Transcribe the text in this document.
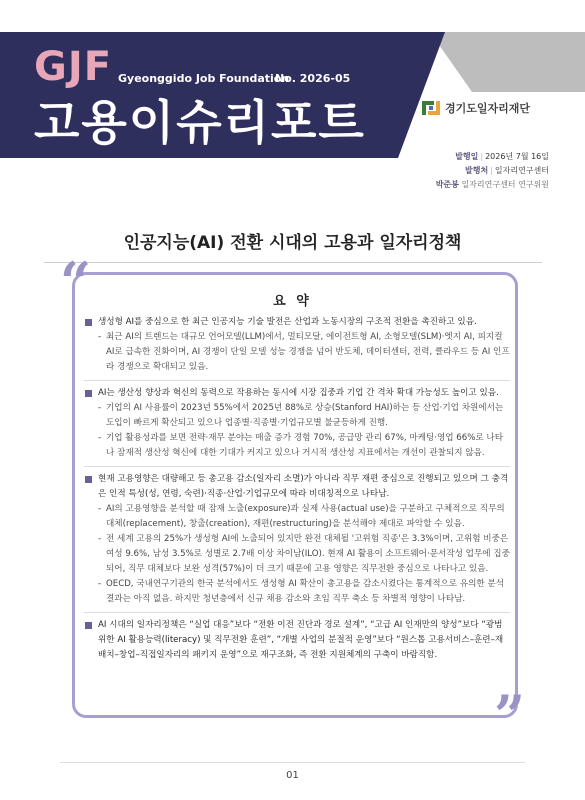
GJF Gyeonggido Job Foundation
No. 2026-05
고용이슈리포트	경기도일자리재단
발행일 | 2026년 7월 16일
발행처 | 일자리연구센터
박준봉 일자리연구센터 연구위원
인공지능(AI) 전환 시대의 고용과 일자리정책
“
”
요 약
생성형 AI를 중심으로 한 최근 인공지능 기술 발전은 산업과 노동시장의 구조적 전환을 촉진하고 있음.
- 최근 AI의 트렌드는 대규모 언어모델(LLM)에서, 멀티모달, 에이전트형 AI, 소형모델(SLM)·엣지 AI, 피지컬 AI로 급속한 진화이며, AI 경쟁이 단일 모델 성능 경쟁을 넘어 반도체, 데이터센터, 전력, 클라우드 등 AI 인프라 경쟁으로 확대되고 있음.
AI는 생산성 향상과 혁신의 동력으로 작용하는 동시에 시장 집중과 기업 간 격차 확대 가능성도 높이고 있음.
- 기업의 AI 사용률이 2023년 55%에서 2025년 88%로 상승(Stanford HAI)하는 등 산업·기업 차원에서는 도입이 빠르게 확산되고 있으나 업종별·직종별·기업규모별 불균등하게 진행.
- 기업 활용성과를 보면 전략·재무 분야는 매출 증가 경험 70%, 공급망 관리 67%, 마케팅·영업 66%로 나타나 잠재적 생산성 혁신에 대한 기대가 커지고 있으나 거시적 생산성 지표에서는 개선이 관찰되지 않음.
현재 고용영향은 대량해고 등 총고용 감소(일자리 소멸)가 아니라 직무 재편 중심으로 진행되고 있으며 그 충격은 인적 특성(성, 연령, 숙련)·직종·산업·기업규모에 따라 비대칭적으로 나타남.
- AI의 고용영향을 분석할 때 잠재 노출(exposure)과 실제 사용(actual use)을 구분하고 구체적으로 직무의 대체(replacement), 창출(creation), 재편(restructuring)을 분석해야 제대로 파악할 수 있음.
- 전 세계 고용의 25%가 생성형 AI에 노출되어 있지만 완전 대체될 '고위험 직종'은 3.3%이며, 고위험 비중은 여성 9.6%, 남성 3.5%로 성별로 2.7배 이상 차이남(ILO). 현재 AI 활용이 소프트웨어·문서작성 업무에 집중되어, 직무 대체보다 보완 성격(57%)이 더 크기 때문에 고용 영향은 직무전환 중심으로 나타나고 있음.
- OECD, 국내연구기관의 한국 분석에서도 생성형 AI 확산이 총고용을 감소시켰다는 통계적으로 유의한 분석 결과는 아직 없음. 하지만 청년층에서 신규 채용 감소와 초임 직무 축소 등 차별적 영향이 나타남.
AI 시대의 일자리정책은 “실업 대응”보다 “전환 이전 진단과 경로 설계”, “고급 AI 인재만의 양성”보다 “광범위한 AI 활용능력(literacy) 및 직무전환 훈련”, “개별 사업의 분절적 운영”보다 “원스톱 고용서비스–훈련–재배치–창업–직접일자리의 패키지 운영”으로 재구조화, 즉 전환 지원체계의 구축이 바람직함.
01
